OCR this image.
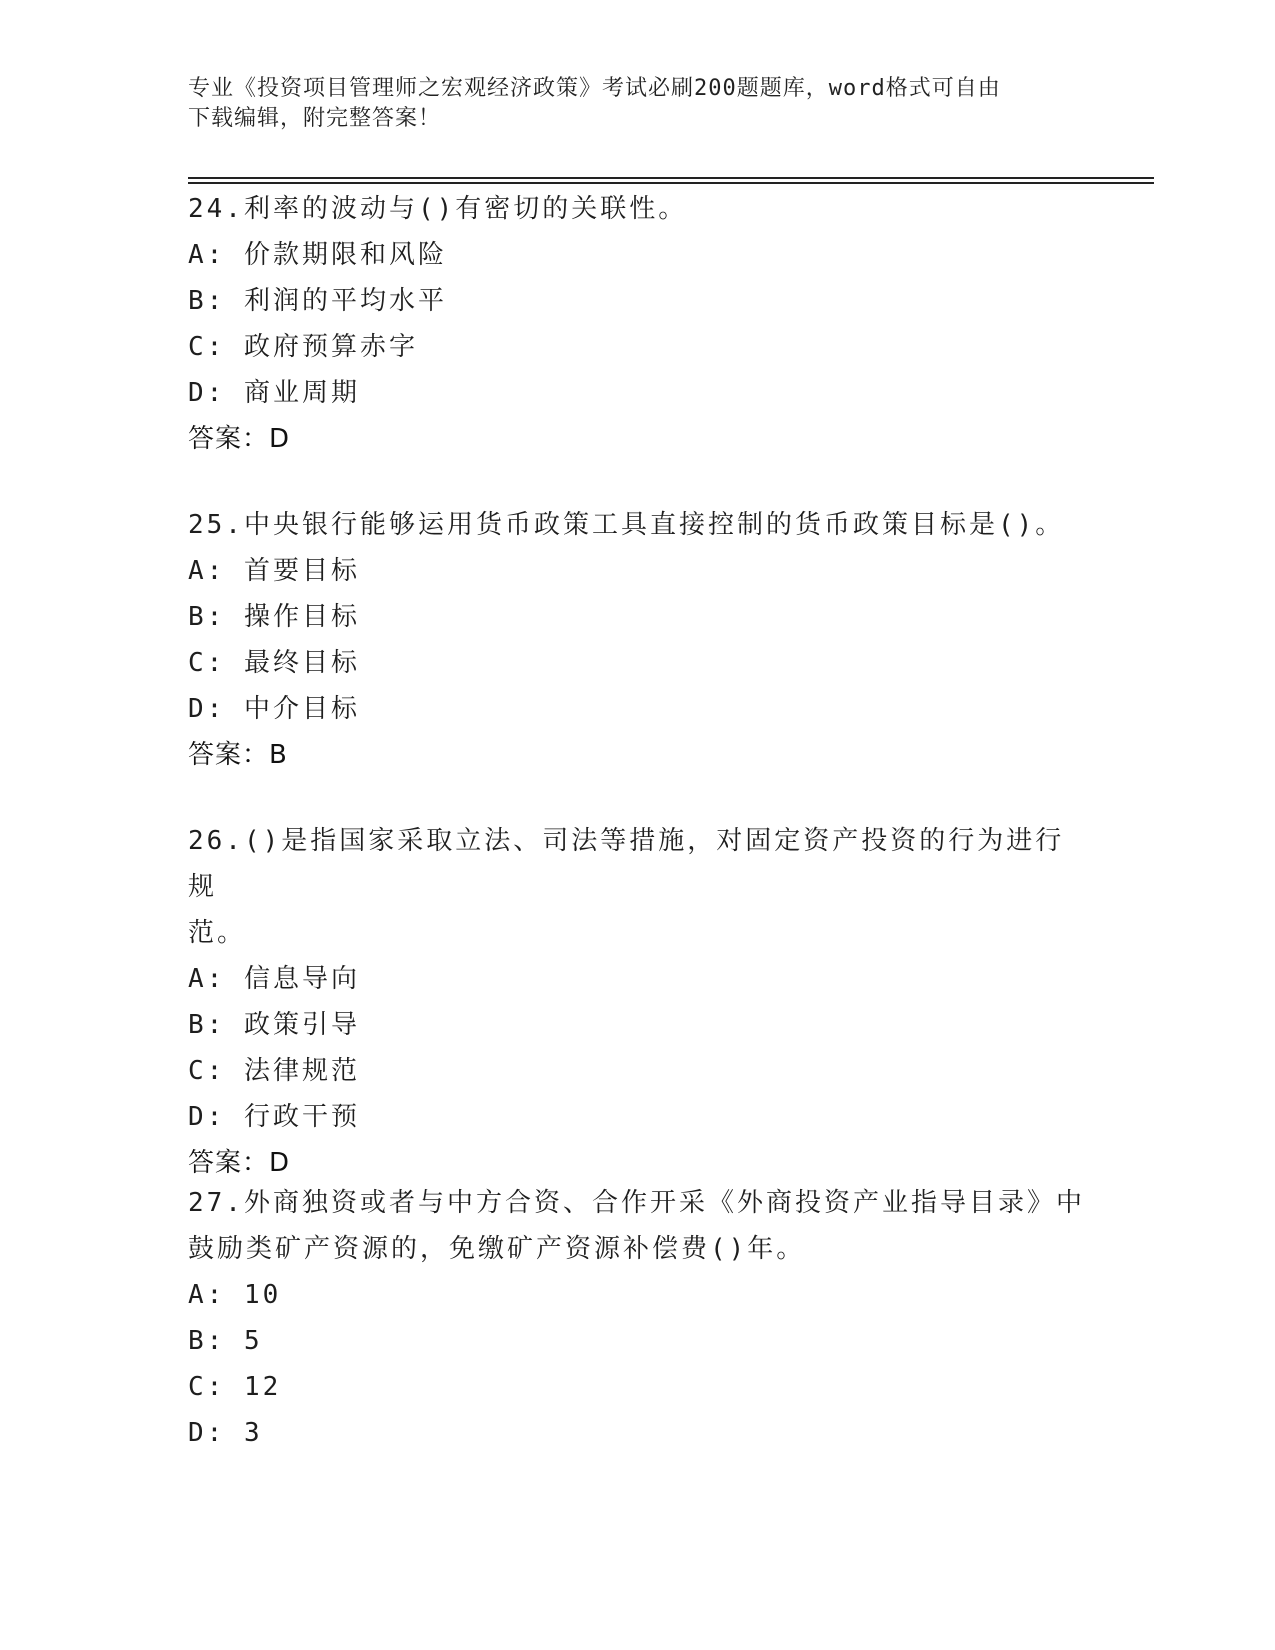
专业《投资项目管理师之宏观经济政策》考试必刷200题题库，word格式可自由
下载编辑，附完整答案！
24.利率的波动与()有密切的关联性。
A: 价款期限和风险
B: 利润的平均水平
C: 政府预算赤字
D: 商业周期
答案：D
25.中央银行能够运用货币政策工具直接控制的货币政策目标是()。
A: 首要目标
B: 操作目标
C: 最终目标
D: 中介目标
答案：B
26.()是指国家采取立法、司法等措施，对固定资产投资的行为进行规
范。
A: 信息导向
B: 政策引导
C: 法律规范
D: 行政干预
答案：D
27.外商独资或者与中方合资、合作开采《外商投资产业指导目录》中
鼓励类矿产资源的，免缴矿产资源补偿费()年。
A: 10
B: 5
C: 12
D: 3
